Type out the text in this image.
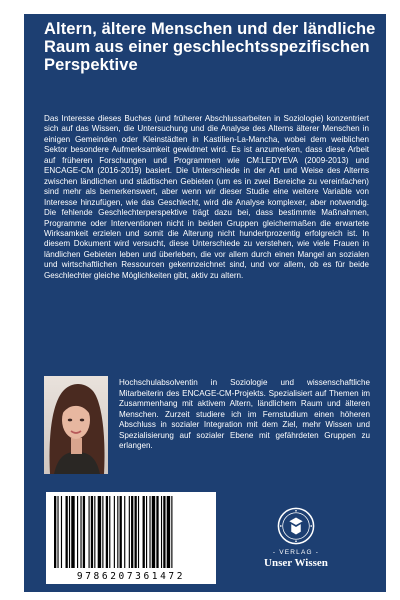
Altern, ältere Menschen und der ländliche Raum aus einer geschlechtsspezifischen Perspektive

Das Interesse dieses Buches (und früherer Abschlussarbeiten in Soziologie) konzentriert sich auf das Wissen, die Untersuchung und die Analyse des Alterns älterer Menschen in einigen Gemeinden oder Kleinstädten in Kastilien-La-Mancha, wobei dem weiblichen Sektor besondere Aufmerksamkeit gewidmet wird. Es ist anzumerken, dass diese Arbeit auf früheren Forschungen und Programmen wie CM:LEDYEVA (2009-2013) und ENCAGE-CM (2016-2019) basiert. Die Unterschiede in der Art und Weise des Alterns zwischen ländlichen und städtischen Gebieten (um es in zwei Bereiche zu vereinfachen) sind mehr als bemerkenswert, aber wenn wir dieser Studie eine weitere Variable von Interesse hinzufügen, wie das Geschlecht, wird die Analyse komplexer, aber notwendig. Die fehlende Geschlechterperspektive trägt dazu bei, dass bestimmte Maßnahmen, Programme oder Interventionen nicht in beiden Gruppen gleichermaßen die erwartete Wirksamkeit erzielen und somit die Alterung nicht hundertprozentig erfolgreich ist. In diesem Dokument wird versucht, diese Unterschiede zu verstehen, wie viele Frauen in ländlichen Gebieten leben und überleben, die vor allem durch einen Mangel an sozialen und wirtschaftlichen Ressourcen gekennzeichnet sind, und vor allem, ob es für beide Geschlechter gleiche Möglichkeiten gibt, aktiv zu altern.

Hochschulabsolventin in Soziologie und wissenschaftliche Mitarbeiterin des ENCAGE-CM-Projekts. Spezialisiert auf Themen im Zusammenhang mit aktivem Altern, ländlichem Raum und älteren Menschen. Zurzeit studiere ich im Fernstudium einen höheren Abschluss in sozialer Integration mit dem Ziel, mehr Wissen und Spezialisierung auf sozialer Ebene mit gefährdeten Gruppen zu erlangen.

9786207361472
- VERLAG -
Unser Wissen
